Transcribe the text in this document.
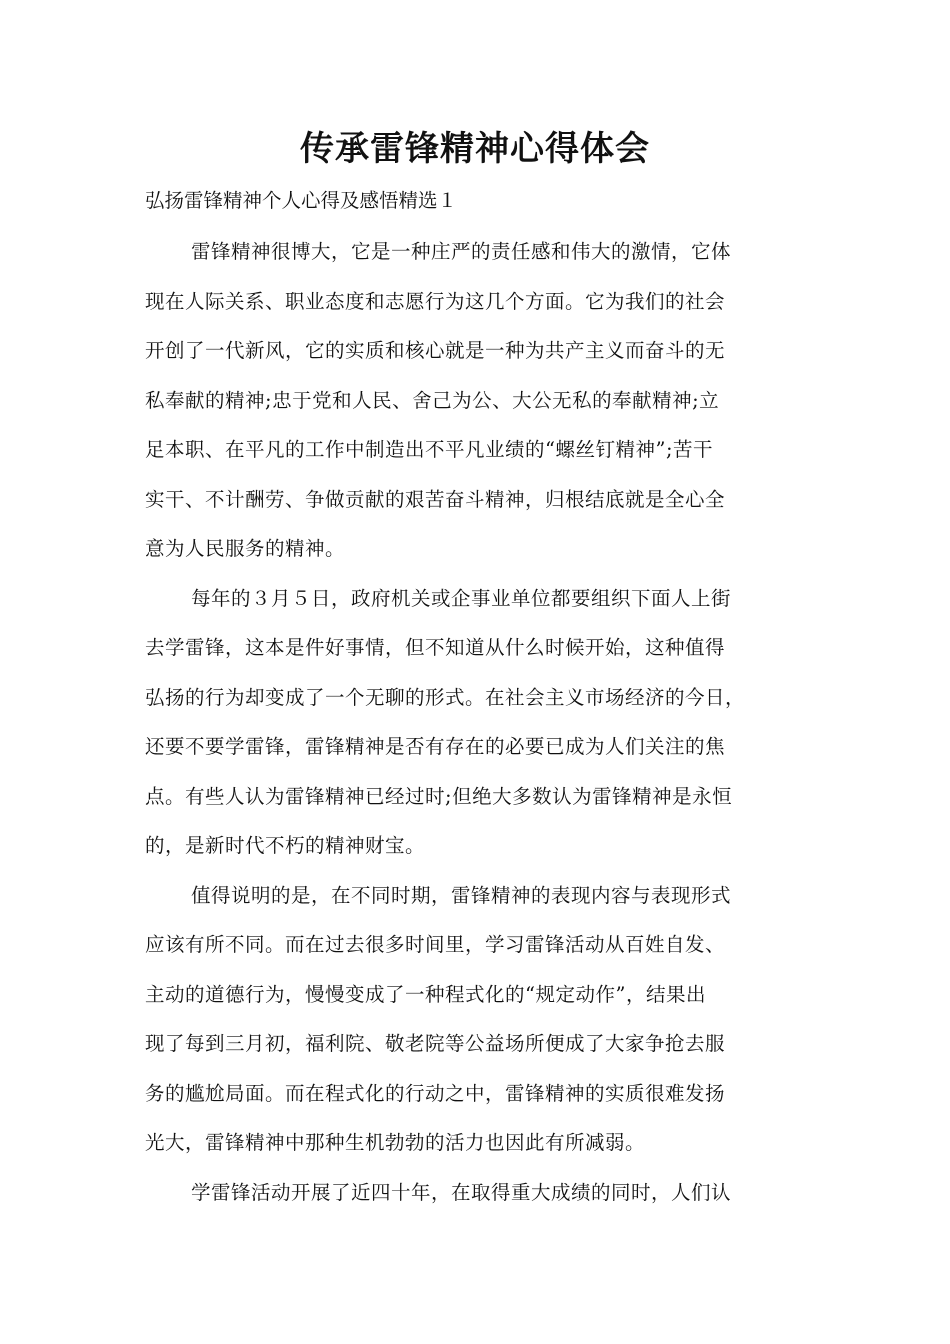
传承雷锋精神心得体会
弘扬雷锋精神个人心得及感悟精选１
雷锋精神很博大，它是一种庄严的责任感和伟大的激情，它体
现在人际关系、职业态度和志愿行为这几个方面。它为我们的社会
开创了一代新风，它的实质和核心就是一种为共产主义而奋斗的无
私奉献的精神;忠于党和人民、舍己为公、大公无私的奉献精神;立
足本职、在平凡的工作中制造出不平凡业绩的“螺丝钉精神”;苦干
实干、不计酬劳、争做贡献的艰苦奋斗精神，归根结底就是全心全
意为人民服务的精神。
每年的３月５日，政府机关或企事业单位都要组织下面人上街
去学雷锋，这本是件好事情，但不知道从什么时候开始，这种值得
弘扬的行为却变成了一个无聊的形式。在社会主义市场经济的今日，
还要不要学雷锋，雷锋精神是否有存在的必要已成为人们关注的焦
点。有些人认为雷锋精神已经过时;但绝大多数认为雷锋精神是永恒
的，是新时代不朽的精神财宝。
值得说明的是，在不同时期，雷锋精神的表现内容与表现形式
应该有所不同。而在过去很多时间里，学习雷锋活动从百姓自发、
主动的道德行为，慢慢变成了一种程式化的“规定动作”，结果出
现了每到三月初，福利院、敬老院等公益场所便成了大家争抢去服
务的尴尬局面。而在程式化的行动之中，雷锋精神的实质很难发扬
光大，雷锋精神中那种生机勃勃的活力也因此有所减弱。
学雷锋活动开展了近四十年，在取得重大成绩的同时，人们认
